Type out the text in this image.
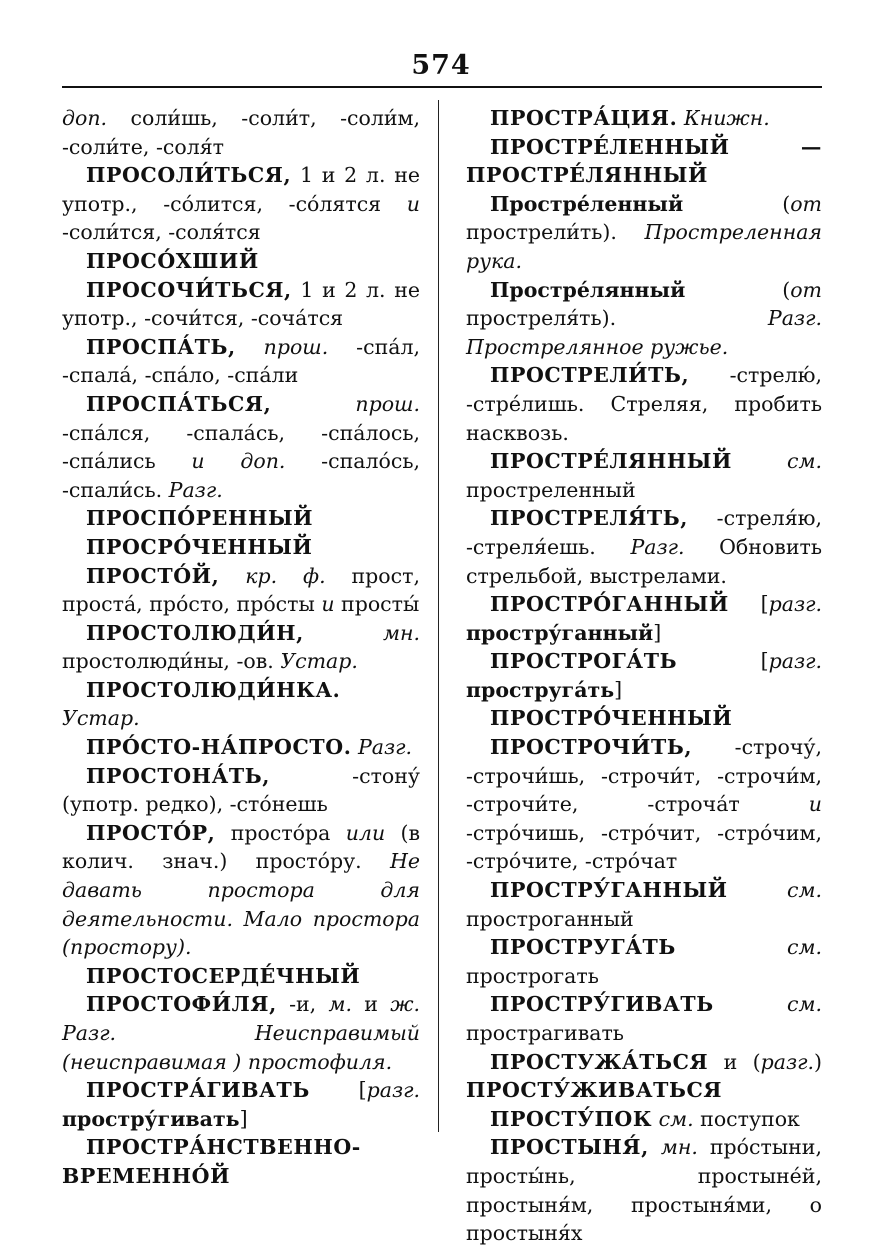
574

доп. соли́шь, -соли́т, -соли́м, -соли́те, -соля́т

ПРОСОЛИ́ТЬСЯ, 1 и 2 л. не употр., -со́лится, -со́лятся и -соли́тся, -соля́тся

ПРОСО́ХШИЙ

ПРОСОЧИ́ТЬСЯ, 1 и 2 л. не употр., -сочи́тся, -соча́тся

ПРОСПА́ТЬ, прош. -спа́л, -спала́, -спа́ло, -спа́ли

ПРОСПА́ТЬСЯ,	прош. -спа́лся, -спала́сь, -спа́лось, -спа́лись и доп. -спало́сь, -спали́сь. Разг.

ПРОСПО́РЕННЫЙ

ПРОСРО́ЧЕННЫЙ

ПРОСТО́Й, кр. ф. прост, проста́, про́сто, про́сты и просты́

ПРОСТОЛЮДИ́Н,	мн. простолюди́ны, -ов. Устар.

ПРОСТОЛЮДИ́НКА. Устар.

ПРО́СТО-НА́ПРОСТО. Разг.

ПРОСТОНА́ТЬ, -стону́ (употр. редко), -сто́нешь

ПРОСТО́Р, просто́ра или (в колич. знач.) просто́ру. Не давать простора для деятельности. Мало простора (простору).

ПРОСТОСЕРДЕ́ЧНЫЙ

ПРОСТОФИ́ЛЯ, -и, м. и ж. Разг. Неисправимый (неисправимая ) простофиля.

ПРОСТРА́ГИВАТЬ [разг. простру́гивать]

ПРОСТРА́НСТВЕННО-ВРЕМЕННО́Й

ПРОСТРА́ЦИЯ. Книжн.

ПРОСТРЕ́ЛЕННЫЙ — ПРОСТРЕ́ЛЯННЫЙ

Простре́ленный (от прострели́ть). Простреленная рука.

Простре́лянный (от простреля́ть). Разг. Прострелянное ружье.

ПРОСТРЕЛИ́ТЬ, -стрелю́, -стре́лишь. Стреляя, пробить насквозь.

ПРОСТРЕ́ЛЯННЫЙ	см. простреленный

ПРОСТРЕЛЯ́ТЬ, -стреля́ю, -стреля́ешь. Разг. Обновить стрельбой, выстрелами.

ПРОСТРО́ГАННЫЙ [разг. простру́ганный]

ПРОСТРОГА́ТЬ [разг. простругáть]

ПРОСТРО́ЧЕННЫЙ

ПРОСТРОЧИ́ТЬ, -строчу́, -строчи́шь, -строчи́т, -строчи́м, -строчи́те, -строча́т и -стро́чишь, -стро́чит, -стро́чим, -стро́чите, -стро́чат

ПРОСТРУ́ГАННЫЙ	см. простроганный

ПРОСТРУГА́ТЬ	см. прострогать

ПРОСТРУ́ГИВАТЬ	см. прострагивать

ПРОСТУЖА́ТЬСЯ и (разг.) ПРОСТУ́ЖИВАТЬСЯ

ПРОСТУ́ПОК см. поступок

ПРОСТЫНЯ́, мн. про́стыни, просты́нь, простыне́й, простыня́м, простыня́ми, о простыня́х
